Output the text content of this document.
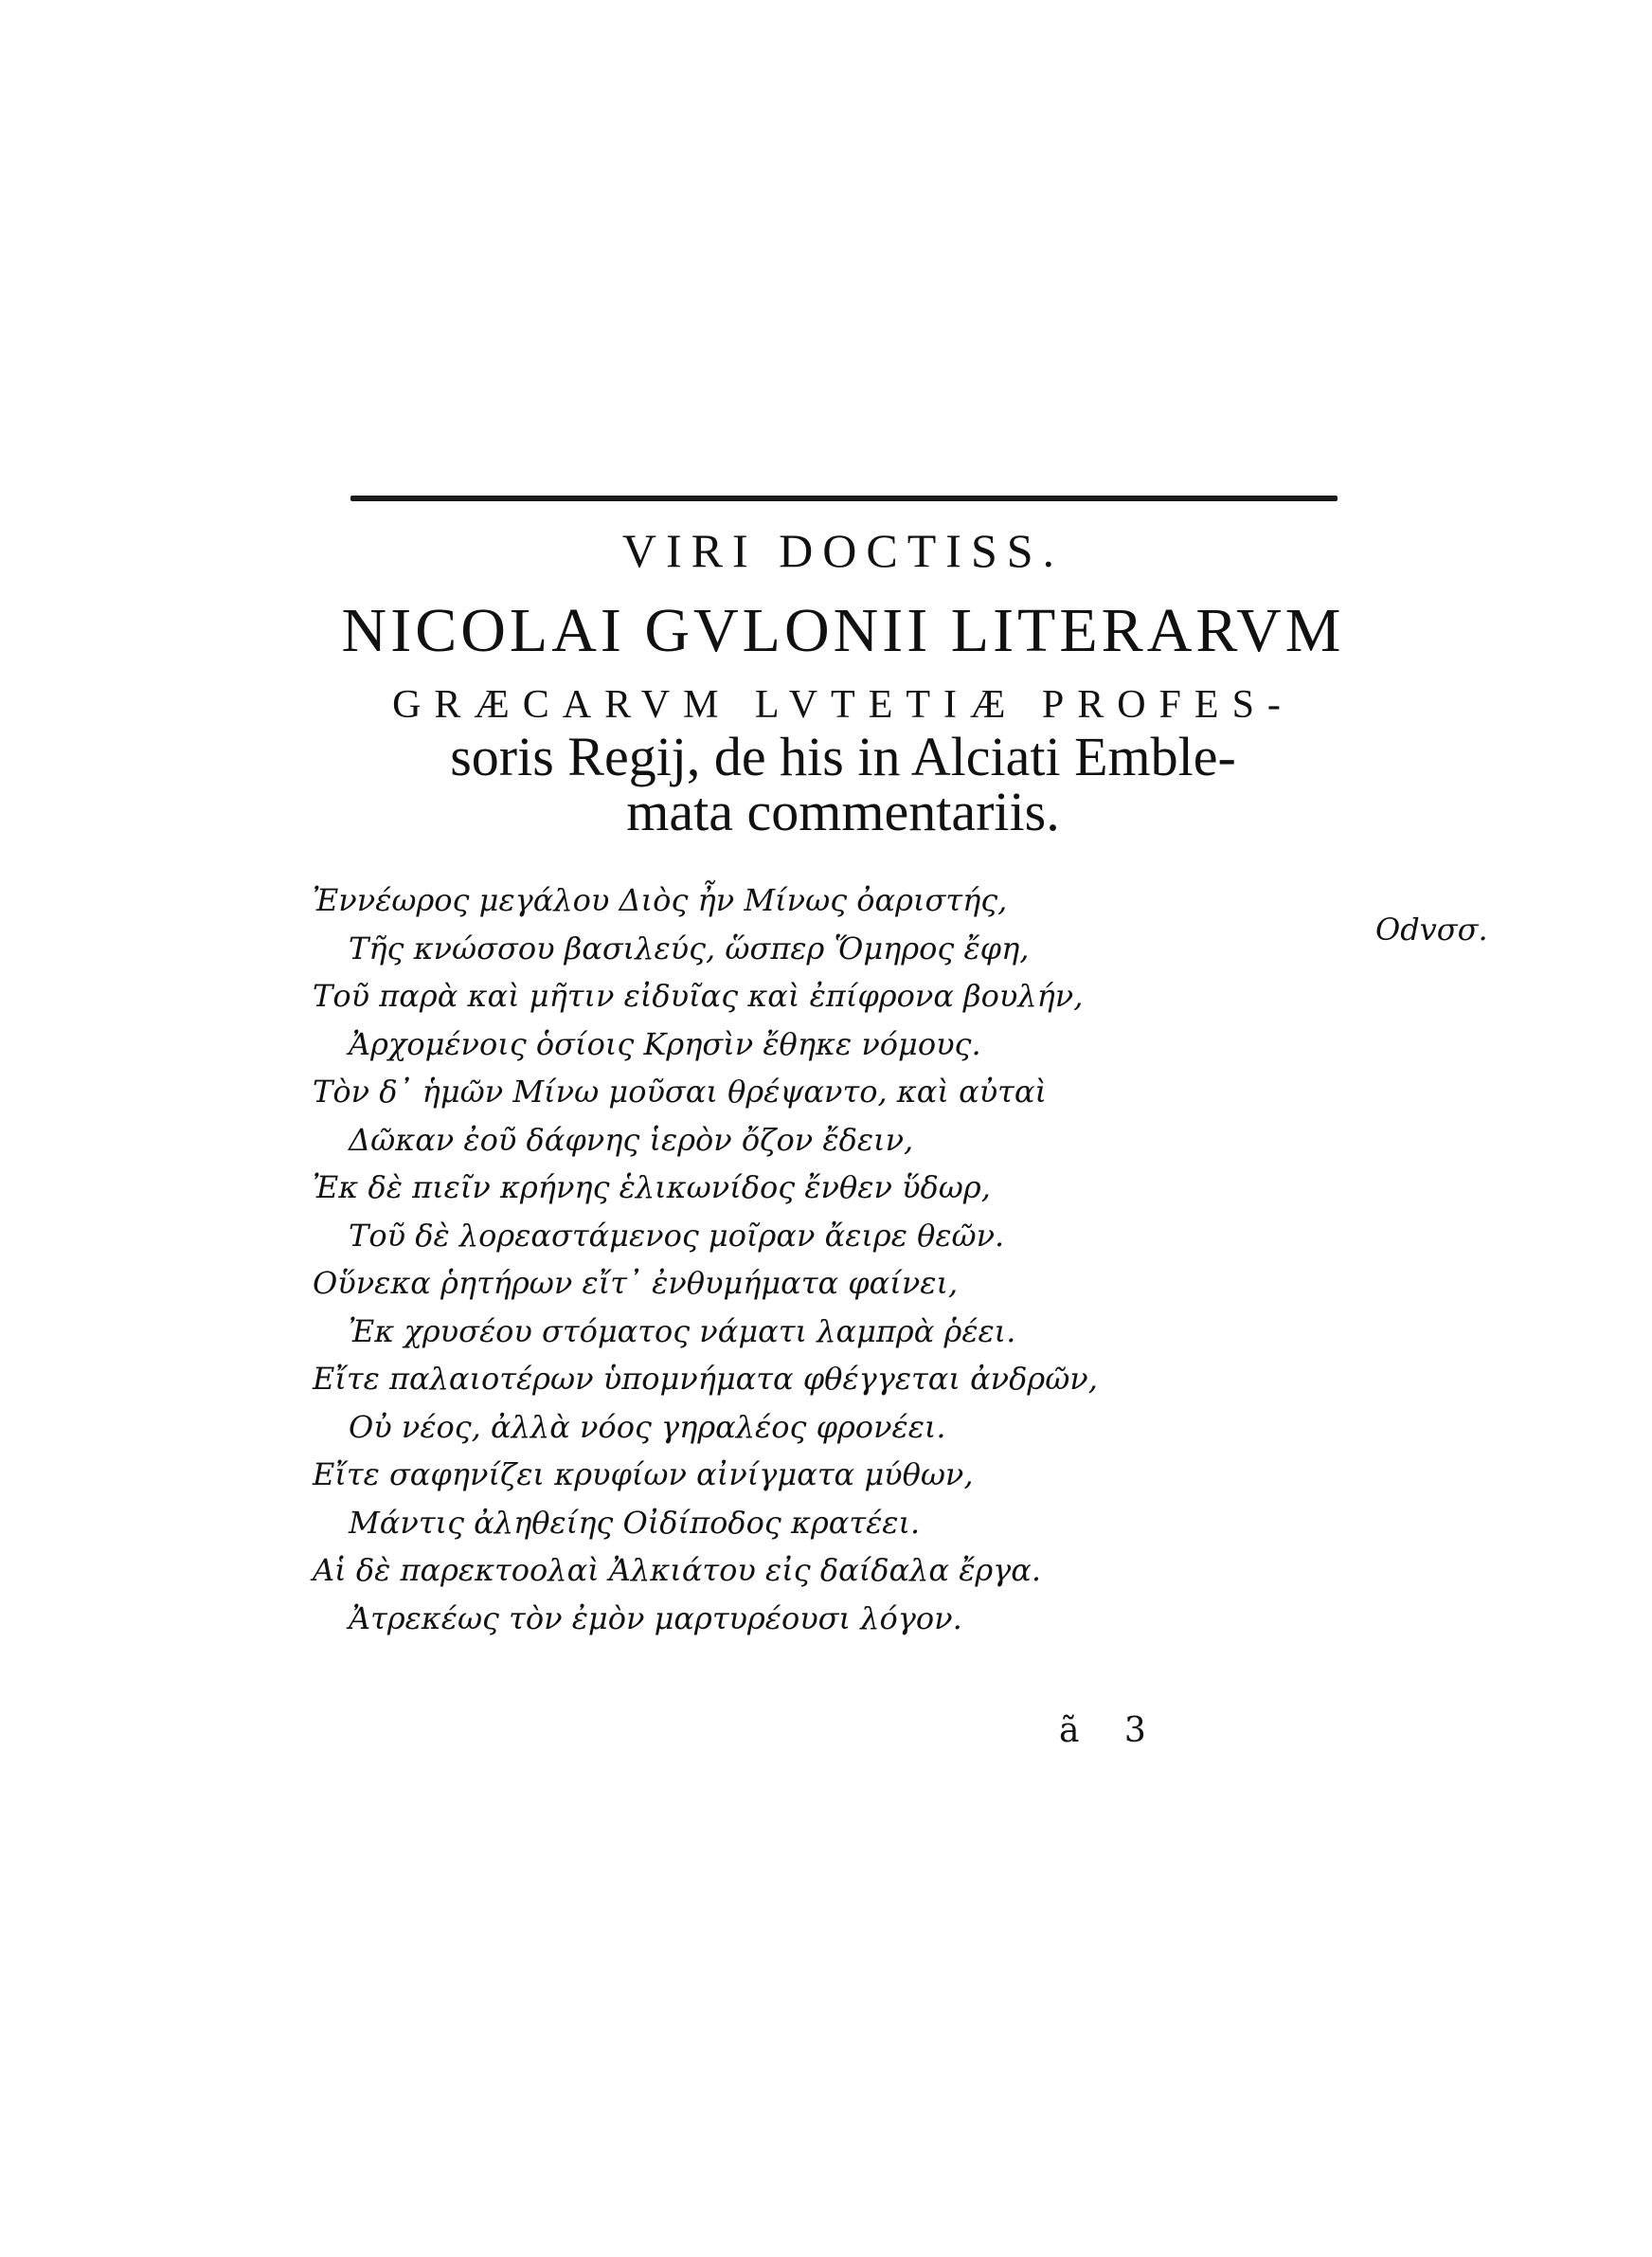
VIRI DOCTISS.
NICOLAI GVLONII LITERARVM
GRÆCARVM LVTETIÆ PROFES-
soris Regij, de his in Alciati Emble-
mata commentariis.
Odvσσ.
Ἐννέωρος μεγάλου Διὸς ἦν Μίνως ὀαριστής,
Τῆς κνώσσου βασιλεύς, ὥσπερ Ὅμηρος ἔφη,
Τοῦ παρὰ καὶ μῆτιν εἰδυῖας καὶ ἐπίφρονα βουλήν,
Ἀρχομένοις ὁσίοις Κρησὶν ἔθηκε νόμους.
Τὸν δ᾽ ἡμῶν Μίνω μοῦσαι θρέψαντο, καὶ αὐταὶ
Δῶκαν ἐοῦ δάφνης ἱερὸν ὄζον ἔδειν,
Ἐκ δὲ πιεῖν κρήνης ἑλικωνίδος ἔνθεν ὕδωρ,
Τοῦ δὲ λορεαστάμενος μοῖραν ἄειρε θεῶν.
Οὕνεκα ῥητήρων εἴτ᾽ ἐνθυμήματα φαίνει,
Ἐκ χρυσέου στόματος νάματι λαμπρὰ ῥέει.
Εἴτε παλαιοτέρων ὑπομνήματα φθέγγεται ἀνδρῶν,
Οὐ νέος, ἀλλὰ νόος γηραλέος φρονέει.
Εἴτε σαφηνίζει κρυφίων αἰνίγματα μύθων,
Μάντις ἀληθείης Οἰδίποδος κρατέει.
Αἱ δὲ παρεκτοολαὶ Ἀλκιάτου εἰς δαίδαλα ἔργα.
Ἀτρεκέως τὸν ἐμὸν μαρτυρέουσι λόγον.
ã 3
